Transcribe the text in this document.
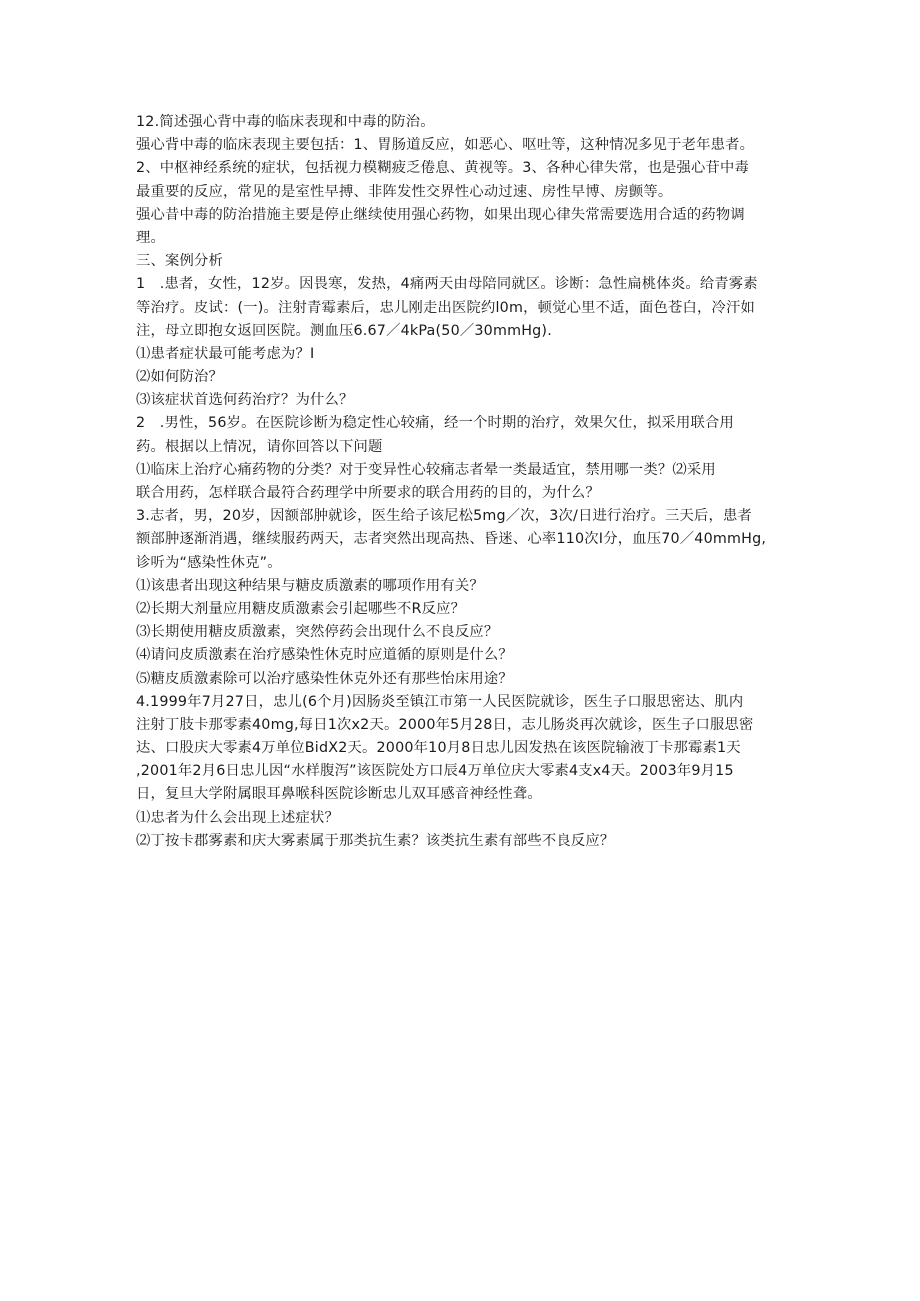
12.简述强心背中毒的临床表现和中毒的防治。
强心背中毒的临床表现主要包括：1、胃肠道反应，如恶心、呕吐等，这种情况多见于老年患者。
2、中枢神经系统的症状，包括视力模糊疲乏倦息、黄视等。3、各种心律失常，也是强心苷中毒
最重要的反应，常见的是室性早搏、非阵发性交界性心动过速、房性早博、房颤等。
强心昔中毒的防治措施主要是停止继续使用强心药物，如果出现心律失常需要选用合适的药物调
理。
三、案例分析
1　.患者，女性，12岁。因畏寒，发热，4痛两天由母陪同就区。诊断：急性扁桃体炎。给青雾素
等治疗。皮试：(一)。注射青霉素后，忠儿刚走出医院约l0m，顿觉心里不适，面色苍白，冷汗如
注，母立即抱女返回医院。测血压6.67／4kPa(50／30mmHg).
⑴患者症状最可能考虑为？I
⑵如何防治？
⑶该症状首选何药治疗？为什么？
2　.男性，56岁。在医院诊断为稳定性心较痛，经一个时期的治疗，效果欠仕，拟采用联合用
药。根据以上情况，请你回答以下问题
⑴临床上治疗心痛药物的分类？对于变异性心较痛志者晕一类最适宜，禁用哪一类？⑵采用
联合用药，怎样联合最符合药理学中所要求的联合用药的目的，为什么？
3.志者，男，20岁，因额部肿就诊，医生给子该尼松5mg／次，3次/日进行治疗。三天后，患者
额部肿逐渐消遇，继续服药两天，志者突然出现高热、昏迷、心率110次I分，血压70／40mmHg,
诊听为“感染性休克”。
⑴该患者出现这种结果与糖皮质激素的哪项作用有关？
⑵长期大剂量应用糖皮质激素会引起哪些不R反应？
⑶长期使用糖皮质激素，突然停药会出现什么不良反应？
⑷请问皮质激素在治疗感染性休克时应道循的原则是什么？
⑸糖皮质激素除可以治疗感染性休克外还有那些怡床用途？
4.1999年7月27日，忠儿(6个月)因肠炎至镇江市第一人民医院就诊，医生子口服思密达、肌内
注射丁肢卡那零素40mg,每日1次x2天。2000年5月28日，志儿肠炎再次就诊，医生子口服思密
达、口股庆大零素4万单位BidX2天。2000年10月8日忠儿因发热在该医院输液丁卡那霉素1天
,2001年2月6日忠儿因“水样腹泻”该医院处方口辰4万单位庆大零素4支x4天。2003年9月15
日，复旦大学附属眼耳鼻喉科医院诊断忠儿双耳感音神经性聋。
⑴忠者为什么会出现上述症状？
⑵丁按卡郡雾素和庆大雾素属于那类抗生素？该类抗生素有部些不良反应？
